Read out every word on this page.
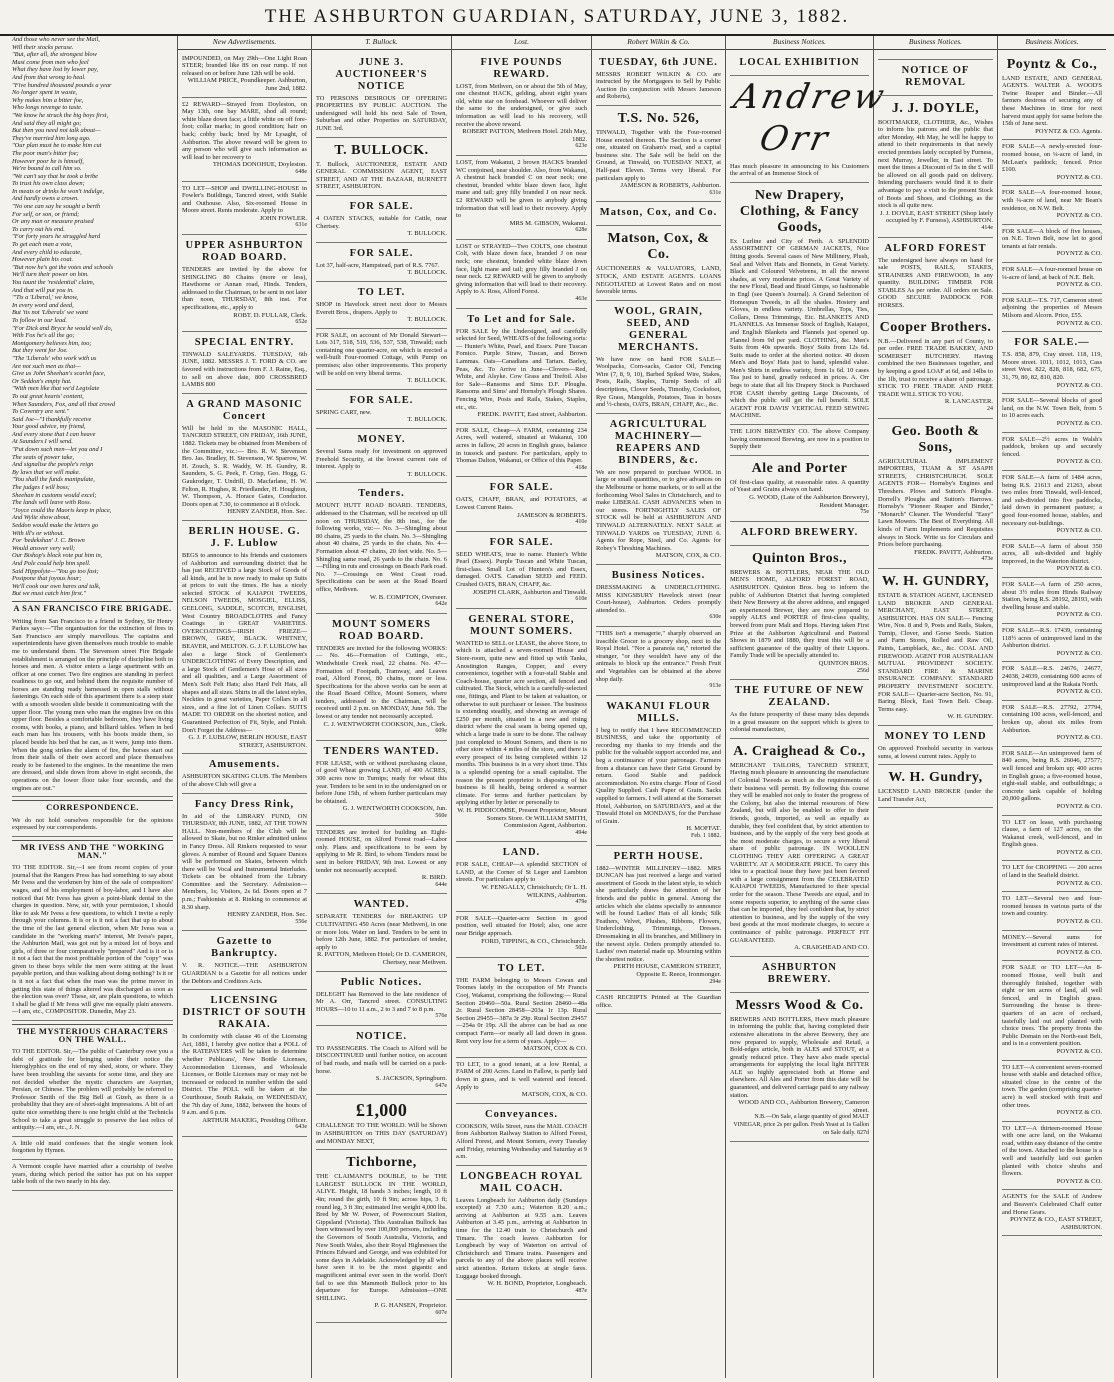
THE ASHBURTON GUARDIAN, SATURDAY, JUNE 3, 1882.
And those who never see the Mail,
Will their stocks peruse.
"But, after all, the strongest blow
Must come from men who feel
What they have lost by lower pay,
And from that wrong to heal.
"Five hundred thousand pounds a year
No longer spent in waste,
Why makes him a bitter foe,
Who longs revenge to taste.
"We know he struck the big boys first,
And said they all might go;
But then you need not talk about—
They've married him long ago.
"Our plan must be to make him cut
The poor man's bitter foe;
However poor he is himself,
We're bound to call him so.
"We can't say that he took a bribe
To trust his own class down;
In meats or drinks he won't indulge,
And hardly owns a crown.
"No one can say he sought a berth
For self, or son, or friend;
Or any man or measure praised
To carry out his end.
"For forty years he struggled hard
To get each man a vote,
And every child to educate,
However plain his coat.
"But now he's got the votes and schools
We'll turn their power on him.
You taunt the 'residential' claim,
And that will put you in.
"'Tis a 'Liberal,' we know,
In every word and deed,
But 'tis not 'Liberals' we want
To follow in our lead.
"For Dick and Bryce he would well do,
With Fox he's all the go;
Montgomery believes him, too;
But they went for Joe.
"The 'Liberals' who work with us
Are not such men as that—
Give us John Sheehan's scarlet face,
Or Seddon's empty hat.
"With men like that we'd Legislate
To out great hearts' content,
When Saunders, Fox, and all that crowd
To Coventry are sent."
Said Joe—"I thankfully receive
Your good advice, my friend,
And every stone that I can heave
At Saunders I will send.
"Put down such men—let you and I
The seats of power take,
And signalise the people's reign
By laws that we will make.
"You shall the funds manipulate,
The judges I will boss;
Sheehan in customs would excel;
The lands will leave with Ross.
"Joyce could the Maoris keep in place,
And Wylie show about,
Seddon would make the letters go
With ill's or without.
For 'bedekshan' J. C. Brown
Would answer very well;
Our Bishop's block vote put him in,
And Pole could help him spell.
Said Hippolyte—"You go too fast;
Postpone that joyous hour;
We'll cook our own hares and talk,
But we must catch him first."
A SAN FRANCISCO FIRE BRIGADE.

Writing from San Francisco to a friend in Sydney, Sir Henry Parkes says:—"The organisation for the extinction of fires in San Francisco are simply marvellous. The captains and superintendents have given themselves much trouble to enable me to understand them. The Stevenson street Fire Brigade establishment is arranged on the principle of discipline both in horses and men. A visitor enters a large apartment with an officer at one corner. Two fire engines are standing in perfect readiness to go out, and behind them the requisite number of horses are standing ready harnessed in open stalls without fastenings. On each side of this apartment there is a steep stair with a smooth wooden slide beside it communicating with the upper floor. The young men who man the engines live on this upper floor. Besides a comfortable bedroom, they have living rooms, with books, a piano, and billiard tables. When in bed each man has his trousers, with his boots inside them, so placed beside his bed that he can, as it were, jump into them. When the gong strikes the alarm of fire, the horses start out from their stalls of their own accord and place themselves ready to be fastened to the engines. In the meantime the men are dressed, and slide down from above in eight seconds, the operations on the lower floor take four seconds, and the engines are out."

CORRESPONDENCE.

We do not hold ourselves responsible for the opinions expressed by our correspondents.

MR IVESS AND THE "WORKING MAN."

TO THE EDITOR. Sir,—I see from recent copies of your journal that the Rangers Press has had something to say about Mr Ivess and the workmen by him of the sale of compositors' wages, and of his employment of boy-labor, and I have also noticed that Mr Ivess has given a point-blank denial to the charges in question. Now, sir, with your permission, I should like to ask Mr Ivess a few questions, to which I invite a reply through your columns. It is or is it not a fact that up to about the time of the last general election, when Mr Ivess was a candidate in the "working man's" interest, Mr Ivess's paper, the Ashburton Mail, was got out by a mixed lot of boys and girls, of three or four comparatively "prepared" And is it or is it not a fact that the most profitable portion of the "copy" was given to these boys while the men were sitting at the least payable portion, and thus walking about doing nothing? Is it or is it not a fact that when the man was the prime mover in getting this state of things altered was discharged as soon as the election was over? These, sir, are plain questions, to which I shall be glad if Mr Ivess will give me equally plain answers.—I am, etc., COMPOSITOR. Dunedin, May 23.

THE MYSTERIOUS CHARACTERS ON THE WALL.

TO THE EDITOR. Sir,—The public of Canterbury owe you a debt of gratitude for bringing under their notice the hieroglyphics on the end of my shed, store, or whare. They have been troubling the savants for some time, and they are not decided whether the mystic characters are Assyrian, Persian, or Chinese. The problem will probably be referred to Professor Smith of the Big Bell at Gizeh, as there is a probability that they are of short-sight impressions. A bit of art quite nice something there is one bright child at the Technicla School to take a great struggle to preserve the last relics of antiquity.—I am, etc., J. N.

A little old maid confesses that the single women look forgotten by Hymen.

A Vermont couple have married after a courtship of twelve years, during which period the suitor has put on his supper table both of the two nearly in his day.

New Advertisements.

IMPOUNDED, on May 29th—One Light Roan STEER; branded like 8S on rear rump. If not released on or before June 12th will be sold.

WILLIAM PRICE, Poundkeeper. Ashburton, June 2nd, 1882.

£2 REWARD—Strayed from Doyleston, on May 13th, one bay MARE, shod all round; white blaze down face; a little white on off fore-foot; collar marks; in good condition; hair on back; cobby back; bred by Mr Lysaght, of Ashburton. The above reward will be given to any person who will give such information as will lead to her recovery to

THOMAS DONOHUE, Doyleston.
648e

TO LET—SHOP and DWELLING-HOUSE in Fowler's Buildings, Tancred street, with Stable and Outhouse. Also, Six-roomed House in Moore street. Rents moderate. Apply to

JOHN FOWLER.
631e
UPPER ASHBURTON ROAD BOARD.

TENDERS are invited by the above for SHINGLING 80 Chains (more or less), Hawthorne or Annan road, Hinds. Tenders, addressed to the Chairman, to be sent in not later than noon, THURSDAY, 8th inst. For specifications, etc., apply to

ROBT. D. FULLAR, Clerk.
652e
SPECIAL ENTRY.

TINWALD SALEYARDS. TUESDAY, 6th JUNE, 1882. MESSRS J. T. FORD & CO. are favored with instructions from F. J. Raine, Esq., to sell on above date, 800 CROSSBRED LAMBS 800

A GRAND MASONIC Concert

Will be held in the MASONIC HALL, TANCRED STREET, ON FRIDAY, 16th JUNE, 1882. Tickets may be obtained from Members of the Committee, viz.:— Bro. R. W. Stevenson Bro. Jas. Bradley, H. Stevenson, W. Sparrow, W. H. Zouch, S. R. Waddy, W. H. Gundry, R. Saunders, S. G. Peek, F. Crisp, Geo. Hogg, G. Gaukrodger, T. Undrill, D. Macfarlane, H. W. Felton, R. Hughes, R. Friedlander, H. Houghton, W. Thompson, A. Horace Gates, Conductor. Doors open at 7.30, to commence at 8 o'clock.

HENRY ZANDER, Hon. Sec.
BERLIN HOUSE. G. J. F. Lublow

BEGS to announce to his friends and customers of Ashburton and surrounding district that he has just RECEIVED a large Stock of Goods of all kinds, and he is now ready to make up Suits at prices to suit the times. He has a nicely selected STOCK of KAIAPOI TWEEDS, NELSON TWEEDS, MOSGIEL, ELLISS, GEELONG, SADDLE, SCOTCH, ENGLISH, West Country BROADCLOTHS and Fancy Coatings in GREAT VARIETIES. OVERCOATINGS—IRISH FRIEZE—BROWN, GREY, BLACK. WHITNEY, BEAVER, and MELTON. G. J. F. LUBLOW has also a large Stock of Gentlemen's UNDERCLOTHING of Every Description, and a large Stock of Gentlemen's Hose of all sizes and all qualities, and a Large Assortment of Men's Soft Felt Hats; also Hard Felt Hats, all shapes and all sizes. Shirts in all the latest styles, Neckties in great varieties, Paper Collars in all sizes, and a fine lot of Linen Collars. SUITS MADE TO ORDER on the shortest notice, and Guaranteed Perfection of Fit, Style, and Finish. Don't Forget the Address—

G. J. F. LUBLOW, BERLIN HOUSE, EAST STREET, ASHBURTON.
Amusements.

ASHBURTON SKATING CLUB. The Members of the above Club will give a

Fancy Dress Rink,

In aid of the LIBRARY FUND, ON THURSDAY, 8th JUNE, 1882, AT THE TOWN HALL. Non-members of the Club will be allowed to Skate, but no Rinker admitted unless in Fancy Dress. All Rinkers requested to wear gloves. A number of Round and Square Dances will be performed on Skates, between which there will be Vocal and Instrumental Interludes. Tickets can be obtained from the Library Committee and the Secretary. Admission—Members, 1s; Visitors, 2s 6d. Doors open at 7 p.m.; Fashionists at 8. Rinking to commence at 8.30 sharp.

HENRY ZANDER, Hon. Sec.
556e
Gazette to Bankruptcy.

V. R. NOTICE.—THE ASHBURTON GUARDIAN is a Gazette for all notices under the Debtors and Creditors Acts.

LICENSING DISTRICT OF SOUTH RAKAIA.

In conformity with clause 46 of the Licensing Act, 1881, I hereby give notice that a POLL of the RATEPAYERS will be taken to determine whether Publicans', New Bottle Licenses, Accommodation Licenses, and Wholesale Licenses, or Bottle Licenses may or may not be increased or reduced in number within the said District. The POLL will be taken at the Courthouse, South Rakaia, on WEDNESDAY, the 7th day of June, 1882, between the hours of 9 a.m. and 6 p.m.

ARTHUR MAKEIG, Presiding Officer.
643e
T. Bullock.
JUNE 3. AUCTIONEER'S NOTICE

TO PERSONS DESIROUS OF OFFERING PROPERTIES BY PUBLIC AUCTION. The undersigned will hold his next Sale of Town, Suburban and other Properties on SATURDAY, JUNE 3rd.

T. BULLOCK.

T. Bullock, AUCTIONEER, ESTATE AND GENERAL COMMISSION AGENT, EAST STREET, AND AT THE BAZAAR, BURNETT STREET, ASHBURTON.

FOR SALE.

4 OATEN STACKS, suitable for Cattle, near Chertsey.

T. BULLOCK.
FOR SALE.

Lot 37, half-acre, Hampstead, part of R.S. 7767.

T. BULLOCK.
TO LET.

SHOP in Havelock street next door to Messrs Everett Bros., drapers. Apply to

T. BULLOCK.

FOR SALE, on account of Mr Donald Stewart—Lots 317, 518, 519, 536, 537, 538, Tinwald; each containing one quarter-acre, on which is erected a well-built Four-roomed Cottage, with Pump on premises; also other improvements. This property will be sold on very liberal terms.

T. BULLOCK.
FOR SALE.

SPRING CART, new.

T. BULLOCK.
MONEY.

Several Sums ready for investment on approved Freehold Security, at the lowest current rate of interest. Apply to

T. BULLOCK.
Tenders.

MOUNT HUTT ROAD BOARD. TENDERS, addressed to the Chairman, will be received up till noon on THURSDAY, the 8th inst., for the following works, viz:— No. 3—Shingling about 80 chains, 25 yards to the chain. No. 3—Shingling about 40 chains, 25 yards to the chain. No. 4—Formation about 47 chains, 20 feet wide. No. 5—Shingling same road, 26 yards to the chain. No. 6—Filling in ruts and crossings on Beach Park road. No. 7—Crossings on West Coast road. Specifications can be seen at the Road Board office, Methven.

W. B. COMPTON, Overseer.
642e
MOUNT SOMERS ROAD BOARD.

TENDERS are invited for the following WORKS:— No. 46—Formation of Cuttings, etc., Windwhistle Creek road, 22 chains. No. 47—Formation of Footpath, Tramway, and Leaves road, Alford Forest, 80 chains, more or less. Specifications for the above works can be seen at the Road Board Office, Mount Somers, where tenders, addressed to the Chairman, will be received until 2 p.m. on MONDAY, June 5th. The lowest or any tender not necessarily accepted.

C. J. WENTWORTH COOKSON, Jun., Clerk.
609e
TENDERS WANTED.

FOR LEASE, with or without purchasing clause, of good Wheat growing LAND, of 400 ACRES, 300 acres now in Turnips; ready for wheat this year. Tenders to be sent in to the undersigned on or before June 15th, of whom further particulars may be obtained.

G. J. WENTWORTH COOKSON, Jun.
560e

TENDERS are invited for building an Eight-roomed HOUSE, on Alford Forest road—Labor only. Plans and specifications to be seen by applying to Mr R. Bird, to whom Tenders must be sent in before FRIDAY, 9th inst. Lowest or any tender not necessarily accepted.

R. BIRD.
644e
WANTED.

SEPARATE TENDERS for BREAKING UP CULTIVATING 450 Acres (near Methven), in one or more lots. Water on land. Tenders to be sent in before 12th June, 1882. For particulars of tender, apply to

R. PATTON, Methven Hotel; Or D. CAMERON, Chertsey, near Methven.
Public Notices.

DELEGHT has Removed to the late residence of Mr A. Orr, Tancred street. CONSULTING HOURS—10 to 11 a.m., 2 to 3 and 7 to 8 p.m.

576e
NOTICE.

TO PASSENGERS. The Coach to Alford will be DISCONTINUED until further notice, on account of bad roads, and mails will be carried on a pack-horse.

S. JACKSON, Springburn.
647e
£1,000

CHALLENGE TO THE WORLD. Will be Shown in ASHBURTON on THIS DAY (SATURDAY) and MONDAY NEXT,

Tichborne,

THE CLAIMANT'S DOUBLE, to be THE LARGEST BULLOCK IN THE WORLD, ALIVE. Height, 18 hands 3 inches; length, 10 ft 4in; round the girth, 10 ft 9in; across hips, 3 ft; round leg, 3 ft 3in; estimated live weight 4,000 lbs. Bred by Mr W. Power, of Powerscourt Station, Gippsland (Victoria). This Australian Bullock has been witnessed by over 100,000 persons, including the Governors of South Australia, Victoria, and New South Wales, also their Royal Highnesses the Princes Edward and George, and was exhibited for some days in Adelaide. Acknowledged by all who have seen it to be the most gigantic and magnificent animal ever seen in the world. Don't fail to see this Mammoth Bullock prior to his departure for Europe. Admission—ONE SHILLING.

P. G. HANSEN, Proprietor.
607e
Lost.
FIVE POUNDS REWARD.

LOST, from Methven, on or about the 5th of May, one chestnut HACK, gelding, about eight years old, white star on forehead. Whoever will deliver the same to the undersigned, or give such information as will lead to his recovery, will receive the above reward.

ROBERT PATTON, Methven Hotel. 26th May, 1882.
623e

LOST, from Wakanui, 2 brown HACKS branded WC conjoined, near shoulder. Also, from Wakanui, A chestnut hack branded C on near neck; one chestnut, branded white blaze down face, light mane and tail; grey filly branded J on near neck. £2 REWARD will be given to anybody giving information that will lead to their recovery. Apply to

MRS M. GIBSON, Wakanui.
628e

LOST or STRAYED—Two COLTS, one chestnut Colt, with blaze down face, branded J on near neck; one chestnut, branded white blaze down face, light mane and tail; grey filly branded J on near neck. £2 REWARD will be given to anybody giving information that will lead to their recovery. Apply to A. Ross, Alford Forest.

463e
To Let and for Sale.

FOR SALE by the Undersigned, and carefully selected for Seed, WHEATS of the following sorts:— Hunter's White, Pearl, and Essex. Pure Tuscan Fomico. Purple Straw, Tuscan, and Brown Lammas. Oats—Canadians and Tartars. Barley, Peas, &c. To Arrive in June—Clovers—Red, White, and Alsyke. Cow Grass and Trefoil. Also for Sale—Ransoms and Sims D.F. Ploughs. Ransoms and Sims' and Hornsby's Plough Shares. Fencing Wire, Posts and Rails, Stakes, Staples, etc., etc.

FREDK. PAVITT, East street, Ashburton.

FOR SALE, Cheap—A FARM, containing 234 Acres, well watered, situated at Wakanui, 100 acres in fallow, 20 acres in English grass, balance in tussock and pasture. For particulars, apply to Thomas Dalton, Wakanui, or Office of this Paper.

418e
FOR SALE.

OATS, CHAFF, BRAN, and POTATOES, at Lowest Current Rates.

JAMESON & ROBERTS.
410e
FOR SALE.

SEED WHEATS, true to name. Hunter's White Pearl (Essex). Purple Tuscan and White Tuscan, first-class. Small Lot of Hunters's and Essex, damaged. OATS. Canadian SEED and FEED. Crushed OATS, BRAN, CHAFF, &c.

JOSEPH CLARK, Ashburton and Tinwald.
610e
GENERAL STORE, MOUNT SOMERS.

WANTED to SELL or LEASE, the above Store, to which is attached a seven-roomed House and Store-room, quite new and fitted up with Tanks, Anostington Ranges, Copper, and every convenience, together with a four-stall Stable and Coach-house, quarter acre section, all fenced and cultivated. The Stock, which is a carefully-selected one, fittings, and Plant to be taken at valuation, or otherwise to suit purchaser or lessee. The business is extending steadily, and showing an average of £250 per month, situated in a new and rising district where the coal seam is being opened up, which a large trade is sure to be done. The railway just completed to Mount Somers, and there is no other store within 4 miles of the store, and there is every prospect of its being completed within 12 months. This business is in a very short time. This is a splendid opening for a small capitalist. The reason the present proprietor is disposing of his business is ill health, being ordered a warmer climate. For terms and further particulars by applying either by letter or personally to

W. H. PIDDICOMBE, Present Proprietor, Mount Somers Store. Or WILLIAM SMITH, Commission Agent, Ashburton.
494e
LAND.

FOR SALE, CHEAP—A splendid SECTION of LAND, at the Corner of St Leger and Lambton streets. For particulars apply to

W. FENGALLY, Christchurch; Or L. H. WILKINS, Ashburton.
479e

FOR SALE—Quarter-acre Section in good position, well situated for Hotel; also, one acre near Bridge approach.

FORD, TIPPING, & CO., Christchurch.
502e
TO LET.

THE FARM belonging to Messrs Cowan and Toomes lately in the occupation of Mr Francis Cooj, Wakanui, comprising the following:— Rural Section 20460—50a. Rural Section 28460—48a 2r. Rural Section 28458—203a 1r 13p. Rural Section 29455—387a 3r 29p. Rural Section 29457—254a 0r 19p. All the above can be had as one compact Farm—or nearly all laid down in grass. Rent very low for a term of years. Apply—

MATSON, COX & CO.

TO LET, to a good tenant, at a low Rental, a FARM of 200 Acres. Land in Fallow, is partly laid down in grass, and is well watered and fenced. Apply to

MATSON, COX, & CO.
Conveyances.

COOKSON, Wills Street, runs the MAIL COACH from Ashburton Railway Station to Alford Forest, Alford Forest, and Mount Somers, every Tuesday and Friday, returning Wednesday and Saturday at 9 a.m.

LONGBEACH ROYAL MAIL COACH.

Leaves Longbeach for Ashburton daily (Sundays excepted) at 7.30 a.m.; Waterton 8.20 a.m.; arriving at Ashburton at 9.55 a.m. Leaves Ashburton at 3.45 p.m., arriving at Ashburton in time for the 12.40 train to Christchurch and Timaru. The coach leaves Ashburton for Longbeach by way of Waterton on arrival of Christchurch and Timaru trains. Passengers and parcels to any of the above places will receive strict attention. Return tickets at single fares. Luggage booked through.

W. H. BOND, Proprietor, Longbeach.
487e
Robert Wilkin & Co.
TUESDAY, 6th JUNE.

MESSRS ROBERT WILKIN & CO. are instructed by the Mortgagees to Sell by Public Auction (in conjunction with Messrs Jameson and Roberts),

T.S. No. 526,

TINWALD, Together with the Four-roomed House erected thereon. The Section is a corner one, situated on Graham's road, and a capital business site. The Sale will be held on the Ground, at Tinwald, on TUESDAY NEXT, at Half-past Eleven. Terms very liberal. For particulars apply to

JAMESON & ROBERTS, Ashburton.
631e
Matson, Cox, and Co.
Matson, Cox, & Co.

AUCTIONEERS & VALUATORS, LAND, STOCK, AND ESTATE AGENTS. LOANS NEGOTIATED at Lowest Rates and on most favorable terms.

WOOL, GRAIN, SEED, AND GENERAL MERCHANTS.

We have now on hand FOR SALE— Woolpacks, Corn-sacks, Castor Oil, Fencing Wire (7, 8, 9, 10), Barbed Spiked Wire, Stakes, Posts, Rails, Staples, Turnip Seeds of all descriptions, Clover Seeds, Timothy, Cocksfoot, Rye Grass, Mangolds, Potatoes, Teas in boxes and ½-chests, OATS, BRAN, CHAFF, &c., &c.

AGRICULTURAL MACHINERY—REAPERS AND BINDERS, &c.

We are now prepared to purchase WOOL in large or small quantities, or to give advances on the Melbourne or home markets, or to sell at the forthcoming Wool Sales in Christchurch, and to make LIBERAL CASH ADVANCES when in our stores. FORTNIGHTLY SALES OF STOCK will be held at ASHBURTON AND TINWALD ALTERNATELY. NEXT SALE at TINWALD YARDS on TUESDAY, JUNE 6. Agents for Rope, Steel, and Co. Agents for Robey's Threshing Machines.

MATSON, COX, & CO.
Business Notices.

DRESSMAKING & UNDERCLOTHING. MISS KINGSBURY Havelock street (near Court-house), Ashburton. Orders promptly attended to.

630e

"THIS isn't a menagerie," sharply observed an irascible Grocer to a grocery shop, next to the Royal Hotel. "Nor a paranoia rat," retorted the stranger, "or they wouldn't have any of the animals to block up the entrance." Fresh Fruit and Vegetables can be obtained at the above shop daily.

913e
WAKANUI FLOUR MILLS.

I beg to notify that I have RECOMMENCED BUSINESS, and take the opportunity of recording my thanks to my friends and the public for the valuable support accorded me, and beg a continuance of your patronage. Farmers from a distance can have their Grist Ground by return. Good Stable and paddock accommodation. No extra charge. Flour of Good Quality Supplied. Cash Paper of Grain. Sacks supplied to farmers. I will attend at the Somerset Hotel, Ashburton, on SATURDAYS, and at the Tinwald Hotel on MONDAYS, for the Purchase of Grain.

H. MOFFAT.
Feb. 1 1882.
PERTH HOUSE.

1882—WINTER MILLINERY—1882. MRS DUNCAN has just received a large and varied assortment of Goods in the latest style, to which she particularly draws the attention of her friends and the public in general. Among the articles which she claims specially to announce will be found Ladies' Hats of all kinds; Silk Feathers, Velvet, Plushes, Ribbons, Flowers, Underclothing, Trimmings, Dresses. Dressmaking in all its branches, and Millinery in the newest style. Orders promptly attended to. Ladies' own material made up. Mourning within the shortest notice.

PERTH HOUSE, CAMERON STREET, Opposite E. Reece, Ironmonger.
294e

CASH RECEIPTS Printed at The Guardian office.

Business Notices.
LOCAL EXHIBITION
Andrew Orr

Has much pleasure in announcing to his Customers the arrival of an Immense Stock of

New Drapery, Clothing, & Fancy Goods,

Ex Lurline and City of Perth. A SPLENDID ASSORTMENT OF GERMAN JACKETS, Nice fitting goods. Several cases of New Millinery, Plush, Seal and Velvet Hats and Bonnets, in Great Variety. Black and Coloured Velveteens, in all the newest shades, at very moderate prices. A Great Variety of the new Floral, Bead and Braid Gimps, so fashionable in Engl (see Queen's Journal). A Grand Selection of Homespun Tweeds, in all the shades. Hosiery and Gloves, in endless variety. Umbrellas, Tops, Ties, Collars, Dress Trimmings, Etc. BLANKETS AND FLANNELS. An Immense Stock of English, Kaiapoi, and English Blankets and Flannels just opened up. Flannel from 9d per yard. CLOTHING, &c. Men's Suits from 40s upwards. Boys' Suits from 12s 6d. Suits made to order at the shortest notice. 40 dozen Men's and Boys' Hats just to hand, splendid value. Men's Shirts in endless variety, from 1s 6d. 10 cases Tea just to hand, greatly reduced in prices. A. Orr begs to state that all his Drapery Stock is Purchased FOR CASH thereby getting Large Discounts, of which the public will get the full benefit. SOLE AGENT FOR DAVIS' VERTICAL FEED SEWING MACHINE.

THE LION BREWERY CO. The above Company having commenced Brewing, are now in a position to Supply their

Ale and Porter

Of first-class quality, at reasonable rates. A quantity of Yeast and Grains always on hand.

G. WOOD, (Late of the Ashburton Brewery), Resident Manager.
75e
ALFORD BREWERY.
Quinton Bros.,

BREWERS & BOTTLERS, NEAR THE OLD MEN'S HOME, ALFORD FOREST ROAD, ASHBURTON. Quinton Bros. beg to inform the public of Ashburton District that having completed their New Brewery at the above address, and engaged an experienced Brewer, they are now prepared to supply ALES and PORTER of first-class quality, brewed from pure Malt and Hops. Having taken First Prize at the Ashburton Agricultural and Pastoral Shows in 1879 and 1880, they trust this will be a sufficient guarantee of the quality of their Liquors. Family Trade will be specially attended to.

QUINTON BROS.
256d
THE FUTURE OF NEW ZEALAND.

As the future prosperity of these many isles depends in a great measure on the support which is given to colonial manufacture,

A. Craighead & Co.,

MERCHANT TAILORS, TANCRED STREET, Having much pleasure in announcing the manufacture of Colonial Tweeds as much as the requirements of their business will permit. By following this course they will be enabled not only to foster the progress of the Colony, but also the internal resources of New Zealand, but will also be enabled to offer to their friends, goods, imported, as well as equally as durable, they feel confident that, by strict attention to business, and by the supply of the very best goods at the most moderate charges, to secure a very liberal share of public patronage. IN WOOLLEN CLOTHING THEY ARE OFFERING A GREAT VARIETY. AT A MODERATE PRICE. To carry this idea to a practical issue they have just been favored with a large consignment from the CELEBRATED KAIAPOI TWEEDS, Manufactured to their special order for the season. These Tweeds are equal, and in some respects superior, to anything of the same class that can be imported, they feel confident that, by strict attention to business, and by the supply of the very best goods at the most moderate charges, to secure a continuance of public patronage. PERFECT FIT GUARANTEED.

A. CRAIGHEAD AND CO.
ASHBURTON BREWERY.
Messrs Wood & Co.

BREWERS AND BOTTLERS, Have much pleasure in informing the public that, having completed their extensive alterations in the above Brewery, they are now prepared to supply, Wholesale and Retail, a Bold-edges article, both in ALES and STOUT, at a greatly reduced price. They have also made special arrangements for supplying the local light BITTER ALE so highly appreciated both at Home and elsewhere. All Ales and Porter from this date will be guaranteed, and delivered carriage paid to any railway station.

WOOD AND CO., Ashburton Brewery, Cameron street.
N.B.—On Sale, a large quantity of good MALT VINEGAR, price 2s per gallon. Fresh Yeast at 1s Gallon on Sale daily. 827d
Business Notices.
NOTICE OF REMOVAL
J. J. DOYLE,

BOOTMAKER, CLOTHIER, &c., Wishes to inform his patrons and the public that after Monday, 4th May, he will be happy to attend to their requirements in that newly erected premises lately occupied by Furness, next Murray, Jeweller, in East street. To meet the times a Discount of 5s in the £ will be allowed on all goods paid on delivery. Intending purchasers would find it to their advantage to pay a visit to the present Stock of Boots and Shoes, and Clothing, as the stock is all quite new.

J. J. DOYLE, EAST STREET (Shop lately occupied by F. Furness), ASHBURTON.
414e
ALFORD FOREST

The undersigned have always on hand for sale POSTS, RAILS, STAKES, STRAINERS AND FIREWOOD, In any quantity. BUILDING TIMBER FOR STABLES As per order. All orders on Sale. GOOD SECURE PADDOCK FOR HORSES.

Cooper Brothers.

N.B.—Delivered in any part of County, to per order. FREE TRADE BAKERY, AND SOMERSET BUTCHERY. Having combined the two Businesses together, and by keeping a good LOAF at 6d, and 14lbs to the 1lb, trust to receive a share of patronage. STICK TO FREE TRADE AND FREE TRADE WILL STICK TO YOU.

R. LANCASTER.
24
Geo. Booth & Sons,

AGRICULTURAL IMPLEMENT IMPORTERS, TUAM & ST ASAPH STREETS, CHRISTCHURCH. SOLE AGENTS FOR— Hornsby's Engines and Threshers. Plows and Sutton's Ploughs. Dorrell's Ploughs and Sutton's Harrows. Hornsby's "Pioneer Reaper and Binder," "Monarch" Cleaner. The Wonderful "Easy" Lawn Mowers. The Best of Everything. All kinds of Farm Implements and Requisites always in Stock. Write us for Circulars and Prices before purchasing.

FREDK. PAVITT, Ashburton.
473e
W. H. GUNDRY,

ESTATE & STATION AGENT, LICENSED LAND BROKER AND GENERAL MERCHANT, EAST STREET, ASHBURTON. HAS ON SALE— Fencing Wire, Nos. 8 and 9, Posts and Rails, Stakes, Turnip, Clover, and Gorse Seeds. Station and Farm Stores, Rolled and Raw Oil, Paints, Lampblack, &c., &c. COAL AND FIREWOOD. AGENT FOR AUSTRALIAN MUTUAL PROVIDENT SOCIETY. STANDARD FIRE & MARINE INSURANCE COMPANY. STANDARD PROPERTY INVESTMENT SOCIETY. FOR SALE— Quarter-acre Section, No. 91, Baring Block, East Town Belt. Cheap. Terms easy.

W. H. GUNDRY.
MONEY TO LEND

On approved Freehold security in various sums, at lowest current rates. Apply to

W. H. Gundry,

LICENSED LAND BROKER (under the Land Transfer Act,

Business Notices.
Poyntz & Co.,

LAND ESTATE, AND GENERAL AGENTS. WALTER A. WOOD'S Twine Reaper and Binder.—All farmers desirous of securing any of these Machines in time for next harvest must apply for same before the 15th of June next.

POYNTZ & CO. Agents.

FOR SALE—A newly-erected four-roomed house, on ¼-acre of land, in McLean's paddock; fenced. Price £100.

POYNTZ & CO.

FOR SALE—A four-roomed house, with ¼-acre of land, near Mr Bean's residence, on N.W. Belt.

POYNTZ & CO.

FOR SALE—A block of five houses, on N.E. Town Belt, now let to good tenants at fair rentals.

POYNTZ & CO.

FOR SALE—A four-roomed house on ¼-acre of land, at back of N.E. Belt.

POYNTZ & CO.

FOR SALE—T.S. 717, Cameron street adjoining the properties of Messrs Milsom and Alcorn. Price, £55.

POYNTZ & CO.
FOR SALE.—

T.S. 858, 879, Cray street. 118, 119, Moore street. 1011, 1012, 1013, Cass street West. 822, 828, 818, 682, 675, 31, 79, 80, 82, 810, 820.

POYNTZ & CO.

FOR SALE—Several blocks of good land, on the N.W. Town Belt, from 5 to 10 acres each.

POYNTZ & CO.

FOR SALE—2½ acres in Walsh's paddock, broken up and securely fenced.

POYNTZ & CO.

FOR SALE—A farm of 1484 acres, being R.S. 21613 and 21263, about two miles from Tinwald, well-fenced, and sub-divided into five paddocks, laid down in permanent pasture; a good four-roomed house, stables, and necessary out-buildings.

POYNTZ & CO.

FOR SALE—A farm of about 350 acres, all sub-divided and highly improved, in the Waterton district.

POYNTZ & CO.

FOR SALE—A farm of 250 acres, about 3½ miles from Hinds Railway Station, being R.S. 28192, 28193, with dwelling house and stable.

POYNTZ & CO.

FOR SALE—R.S. 17439, containing 118½ acres of unimproved land in the Ashburton district.

POYNTZ & CO.

FOR SALE—R.S. 24676, 24677, 24038, 24039, containing 600 acres of unimproved land at the Rakaia North.

POYNTZ & CO.

FOR SALE—R.S. 27792, 27794, containing 100 acres, well-fenced, and broken up, about six miles from Ashburton.

POYNTZ & CO.

FOR SALE—An unimproved farm of 840 acres, being R.S. 26046, 27577; well fenced and broken up; 400 acres in English grass; a five-roomed house, eight-stall stable, and outbuildings; a concrete tank capable of holding 20,000 gallons.

POYNTZ & CO.

TO LET on lease, with purchasing clause, a farm of 127 acres, on the Wakanui creek, well-fenced, and in English grass.

POYNTZ & CO.

TO LET for CROPPING — 200 acres of land in the Seafield district.

POYNTZ & CO.

TO LET—Several two and four-roomed houses in various parts of the town and country.

POYNTZ & CO.

MONEY.—Several sums for investment at current rates of interest.

POYNTZ & CO.

FOR SALE or TO LET—An 8-roomed House, well built and thoroughly finished, together with eight or ten acres of land, all well fenced, and in English grass. Surrounding the house is three-quarters of an acre of orchard, tastefully laid out and planted with choice trees. The property fronts the Public Domain on the North-east Belt, and is in a convenient position.

POYNTZ & CO.

TO LET—A convenient seven-roomed house with stable and detached office, situated close to the centre of the town. The garden (comprising quarter-acre) is well stocked with fruit and other trees.

POYNTZ & CO.

TO LET—A thirteen-roomed House with one acre land, on the Wakanui road, within easy distance of the centre of the town. Attached to the house is a well and tastefully laid out garden planted with choice shrubs and flowers.

POYNTZ & CO.

AGENTS for the SALE of Andrew and Beaven's Celebrated Chaff cutter and Horse Gears.

POYNTZ & CO., EAST STREET, ASHBURTON.
